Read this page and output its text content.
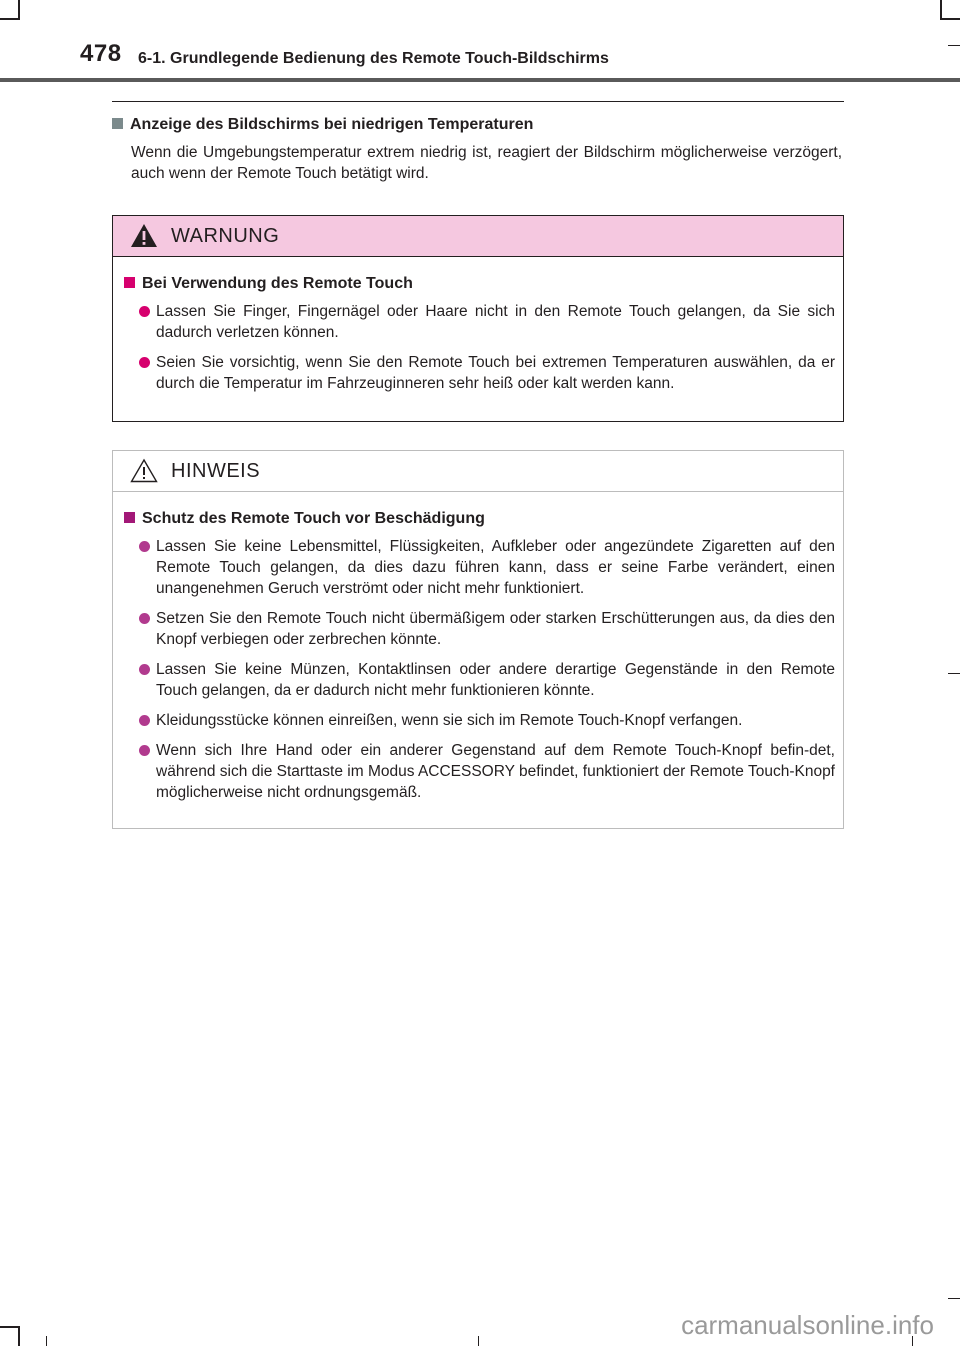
478 6-1. Grundlegende Bedienung des Remote Touch-Bildschirms
Anzeige des Bildschirms bei niedrigen Temperaturen
Wenn die Umgebungstemperatur extrem niedrig ist, reagiert der Bildschirm möglicherweise verzögert, auch wenn der Remote Touch betätigt wird.
WARNUNG
Bei Verwendung des Remote Touch
Lassen Sie Finger, Fingernägel oder Haare nicht in den Remote Touch gelangen, da Sie sich dadurch verletzen können.
Seien Sie vorsichtig, wenn Sie den Remote Touch bei extremen Temperaturen auswählen, da er durch die Temperatur im Fahrzeuginneren sehr heiß oder kalt werden kann.
HINWEIS
Schutz des Remote Touch vor Beschädigung
Lassen Sie keine Lebensmittel, Flüssigkeiten, Aufkleber oder angezündete Zigaretten auf den Remote Touch gelangen, da dies dazu führen kann, dass er seine Farbe verändert, einen unangenehmen Geruch verströmt oder nicht mehr funktioniert.
Setzen Sie den Remote Touch nicht übermäßigem oder starken Erschütterungen aus, da dies den Knopf verbiegen oder zerbrechen könnte.
Lassen Sie keine Münzen, Kontaktlinsen oder andere derartige Gegenstände in den Remote Touch gelangen, da er dadurch nicht mehr funktionieren könnte.
Kleidungsstücke können einreißen, wenn sie sich im Remote Touch-Knopf verfangen.
Wenn sich Ihre Hand oder ein anderer Gegenstand auf dem Remote Touch-Knopf befin-det, während sich die Starttaste im Modus ACCESSORY befindet, funktioniert der Remote Touch-Knopf möglicherweise nicht ordnungsgemäß.
carmanualsonline.info
